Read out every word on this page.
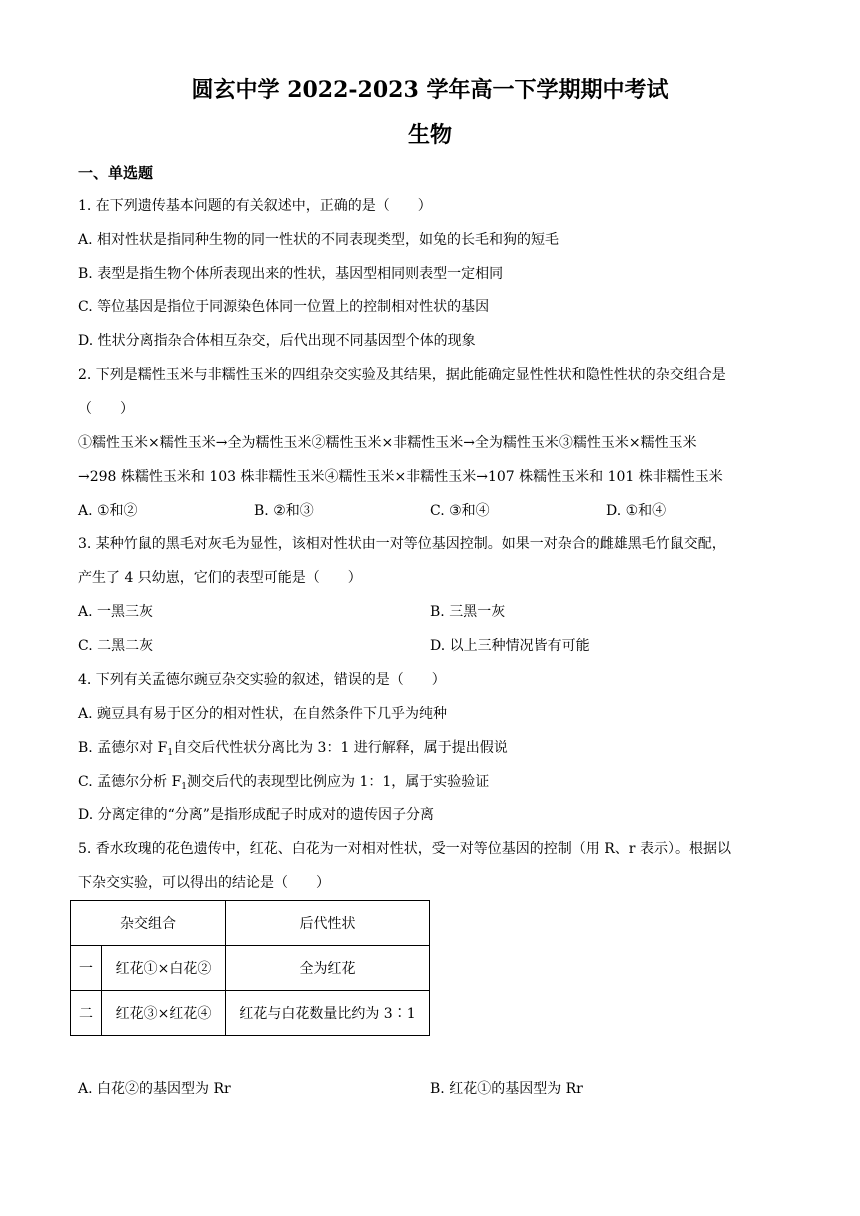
圆玄中学 2022-2023 学年高一下学期期中考试
生物
一、单选题
1. 在下列遗传基本问题的有关叙述中，正确的是（　　）
A. 相对性状是指同种生物的同一性状的不同表现类型，如兔的长毛和狗的短毛
B. 表型是指生物个体所表现出来的性状，基因型相同则表型一定相同
C. 等位基因是指位于同源染色体同一位置上的控制相对性状的基因
D. 性状分离指杂合体相互杂交，后代出现不同基因型个体的现象
2. 下列是糯性玉米与非糯性玉米的四组杂交实验及其结果，据此能确定显性性状和隐性性状的杂交组合是
（　　）
①糯性玉米×糯性玉米→全为糯性玉米②糯性玉米×非糯性玉米→全为糯性玉米③糯性玉米×糯性玉米
→298 株糯性玉米和 103 株非糯性玉米④糯性玉米×非糯性玉米→107 株糯性玉米和 101 株非糯性玉米
A. ①和②	B. ②和③	C. ③和④	D. ①和④
3. 某种竹鼠的黑毛对灰毛为显性，该相对性状由一对等位基因控制。如果一对杂合的雌雄黑毛竹鼠交配，
产生了 4 只幼崽，它们的表型可能是（　　）
A. 一黑三灰	B. 三黑一灰
C. 二黑二灰	D. 以上三种情况皆有可能
4. 下列有关孟德尔豌豆杂交实验的叙述，错误的是（　　）
A. 豌豆具有易于区分的相对性状，在自然条件下几乎为纯种
B. 孟德尔对 $F_1$自交后代性状分离比为 3：1 进行解释，属于提出假说
C. 孟德尔分析 $F_1$测交后代的表现型比例应为 1：1，属于实验验证
D. 分离定律的“分离”是指形成配子时成对的遗传因子分离
5. 香水玫瑰的花色遗传中，红花、白花为一对相对性状，受一对等位基因的控制（用 R、r 表示）。根据以
下杂交实验，可以得出的结论是（　　）
杂交组合		后代性状
一	红花①×白花②	全为红花
二	红花③×红花④	红花与白花数量比约为 3∶1
A. 白花②的基因型为 Rr	B. 红花①的基因型为 Rr
